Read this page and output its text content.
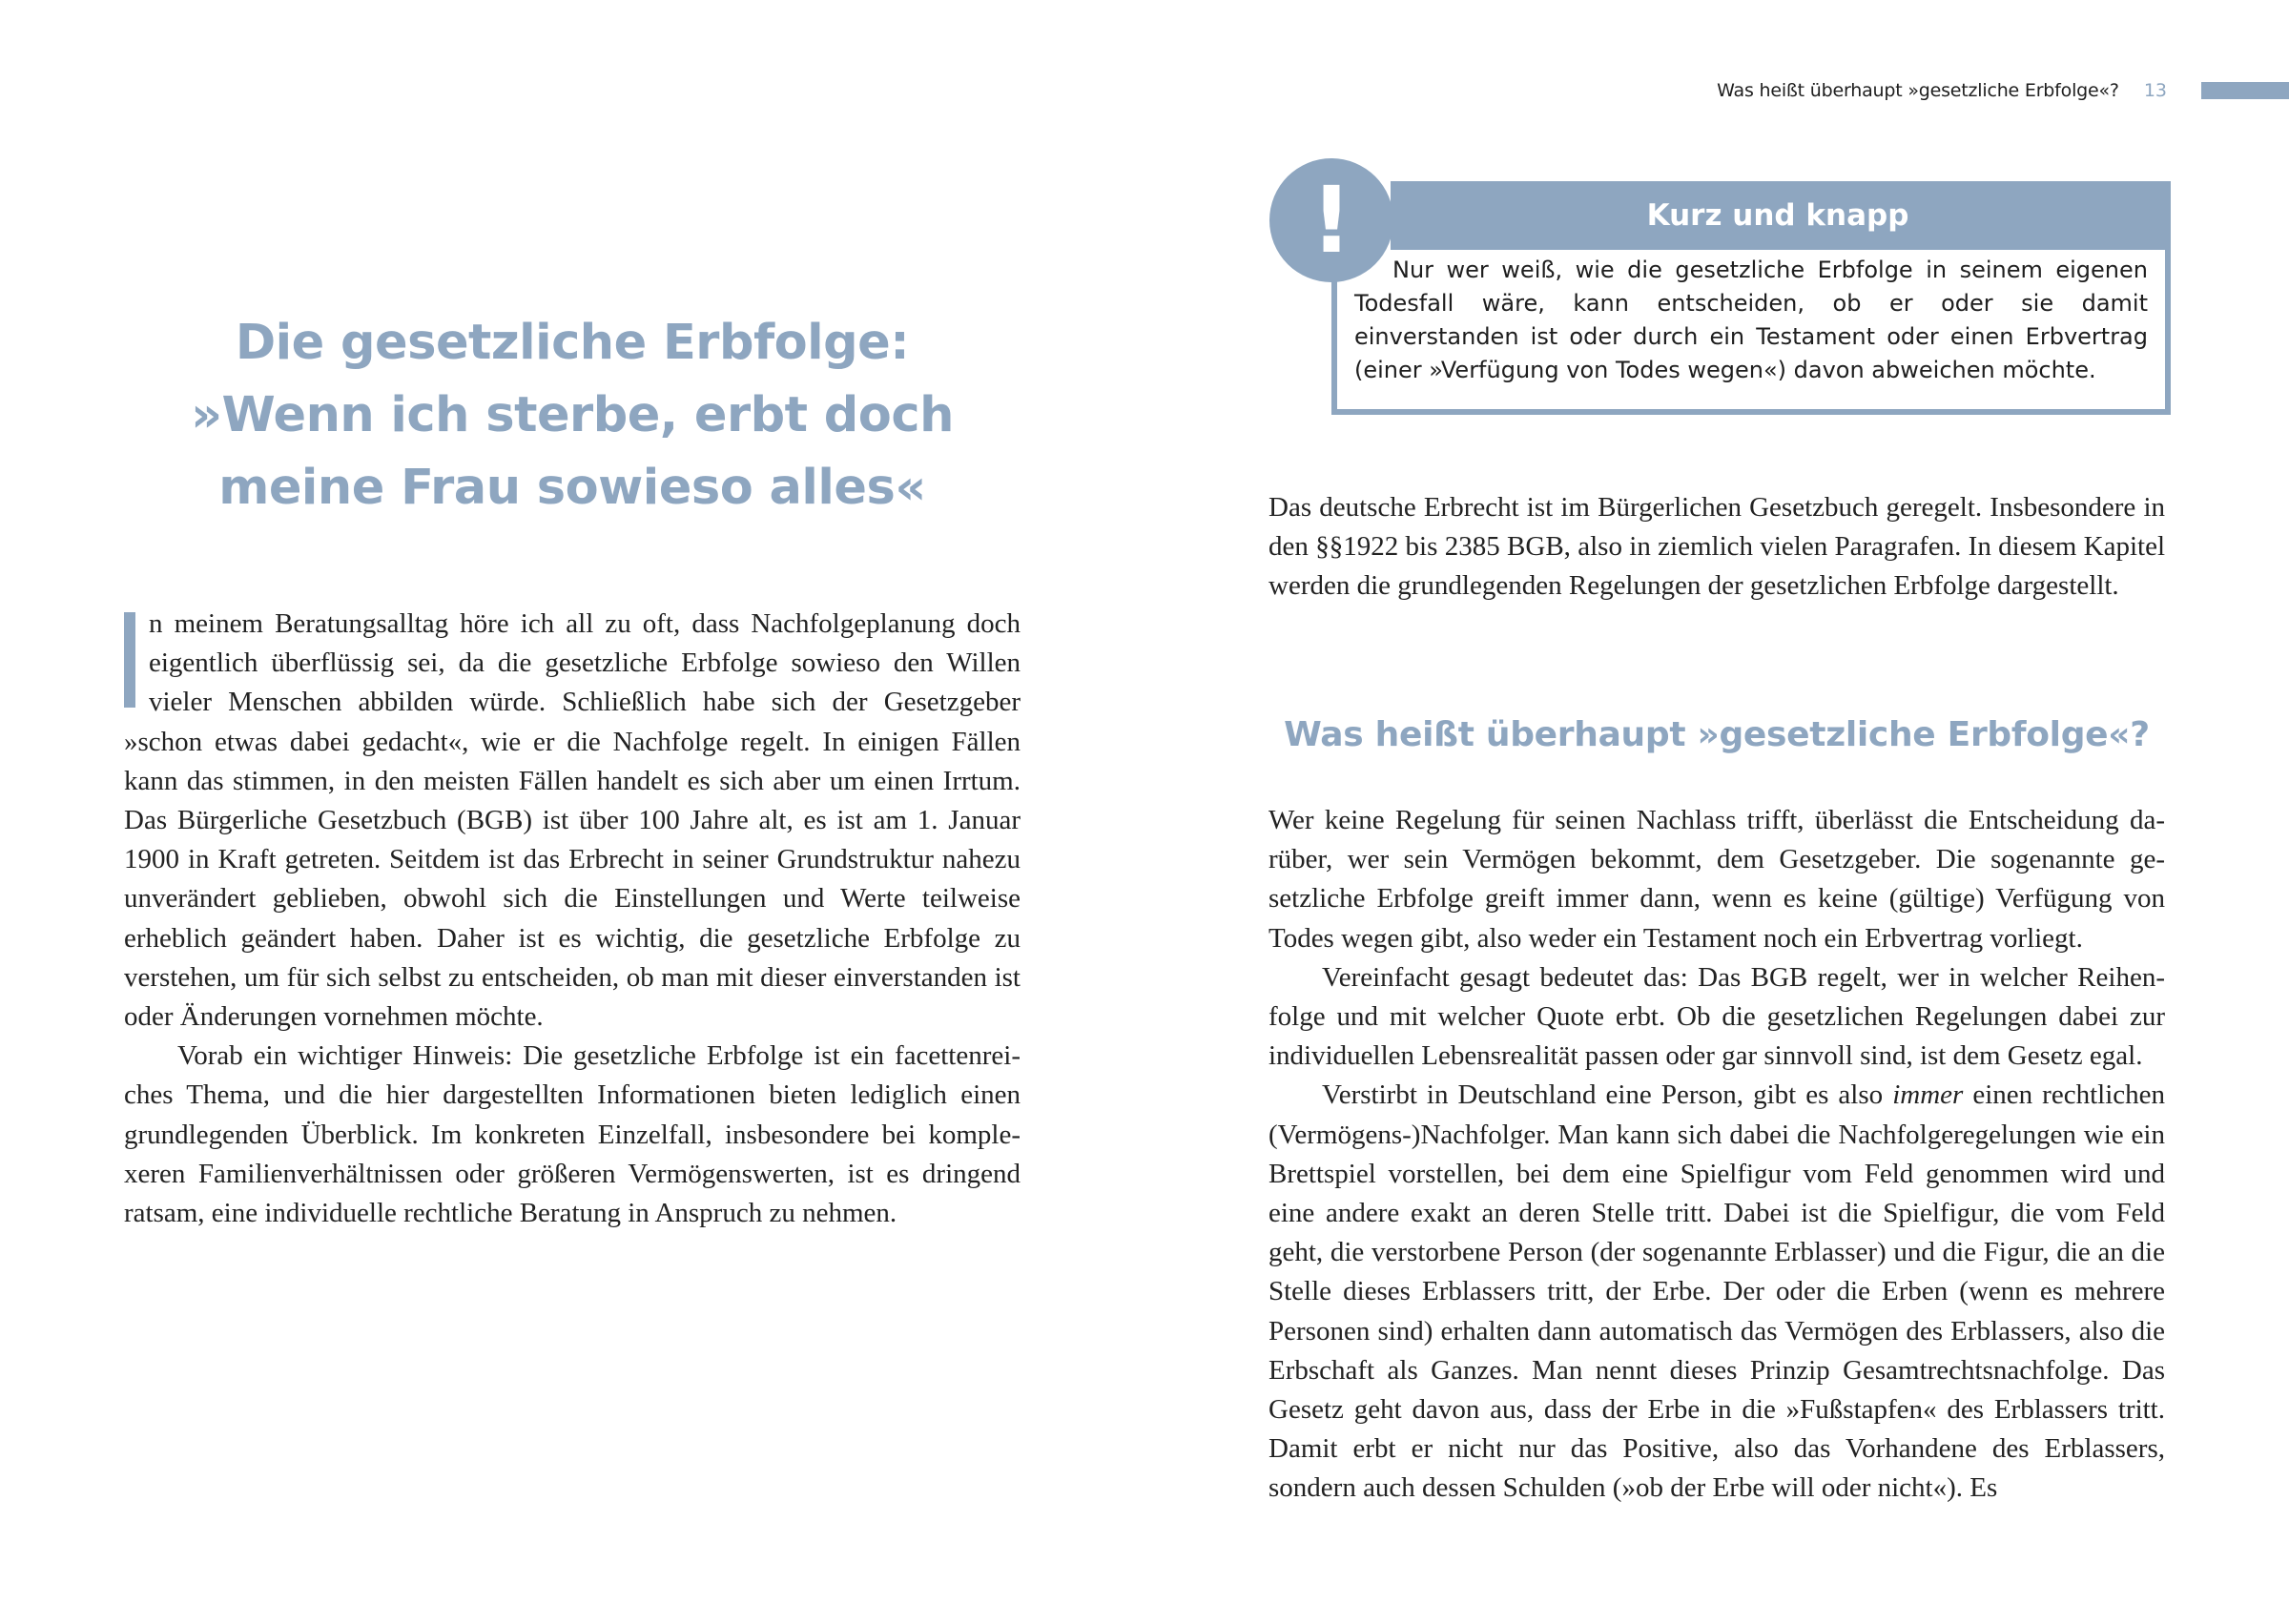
Die gesetzliche Erbfolge:
»Wenn ich sterbe, erbt doch
meine Frau sowieso alles«

n meinem Beratungsalltag höre ich all zu oft, dass Nachfolgeplanung doch eigentlich überflüssig sei, da die gesetzliche Erbfolge sowieso den Willen vieler Menschen abbilden würde. Schließlich habe sich der Gesetzgeber »schon etwas dabei gedacht«, wie er die Nachfolge regelt. In einigen Fällen kann das stimmen, in den meisten Fällen handelt es sich aber um einen Irrtum. Das Bürgerliche Gesetzbuch (BGB) ist über 100 Jahre alt, es ist am 1. Januar 1900 in Kraft getreten. Seitdem ist das Erbrecht in seiner Grundstruktur nahezu unverändert geblieben, obwohl sich die Einstellungen und Werte teilweise erheblich geändert haben. Daher ist es wichtig, die gesetzliche Erbfolge zu verstehen, um für sich selbst zu entscheiden, ob man mit dieser einverstanden ist oder Änderungen vornehmen möchte.

Vorab ein wichtiger Hinweis: Die gesetzliche Erbfolge ist ein facettenreiches Thema, und die hier dargestellten Informationen bieten lediglich einen grundlegenden Überblick. Im konkreten Einzelfall, insbesondere bei komplexeren Familienverhältnissen oder größeren Vermögenswerten, ist es dringend ratsam, eine individuelle rechtliche Beratung in Anspruch zu nehmen.

Was heißt überhaupt »gesetzliche Erbfolge«? 13
!	Kurz und knapp

Nur wer weiß, wie die gesetzliche Erbfolge in seinem eigenen Todesfall wäre, kann entscheiden, ob er oder sie damit einverstanden ist oder durch ein Testament oder einen Erbvertrag (einer »Verfügung von Todes wegen«) davon abweichen möchte.

Das deutsche Erbrecht ist im Bürgerlichen Gesetzbuch geregelt. Insbesondere in den §§1922 bis 2385 BGB, also in ziemlich vielen Paragrafen. In diesem Kapitel werden die grundlegenden Regelungen der gesetzlichen Erbfolge dargestellt.

Was heißt überhaupt »gesetzliche Erbfolge«?

Wer keine Regelung für seinen Nachlass trifft, überlässt die Entscheidung darüber, wer sein Vermögen bekommt, dem Gesetzgeber. Die sogenannte gesetzliche Erbfolge greift immer dann, wenn es keine (gültige) Verfügung von Todes wegen gibt, also weder ein Testament noch ein Erbvertrag vorliegt.

Vereinfacht gesagt bedeutet das: Das BGB regelt, wer in welcher Reihenfolge und mit welcher Quote erbt. Ob die gesetzlichen Regelungen dabei zur individuellen Lebensrealität passen oder gar sinnvoll sind, ist dem Gesetz egal.

Verstirbt in Deutschland eine Person, gibt es also immer einen rechtlichen (Vermögens-)Nachfolger. Man kann sich dabei die Nachfolgeregelungen wie ein Brettspiel vorstellen, bei dem eine Spielfigur vom Feld genommen wird und eine andere exakt an deren Stelle tritt. Dabei ist die Spielfigur, die vom Feld geht, die verstorbene Person (der sogenannte Erblasser) und die Figur, die an die Stelle dieses Erblassers tritt, der Erbe. Der oder die Erben (wenn es mehrere Personen sind) erhalten dann automatisch das Vermögen des Erblassers, also die Erbschaft als Ganzes. Man nennt dieses Prinzip Gesamtrechtsnachfolge. Das Gesetz geht davon aus, dass der Erbe in die »Fußstapfen« des Erblassers tritt. Damit erbt er nicht nur das Positive, also das Vorhandene des Erblassers, sondern auch dessen Schulden (»ob der Erbe will oder nicht«). Es
